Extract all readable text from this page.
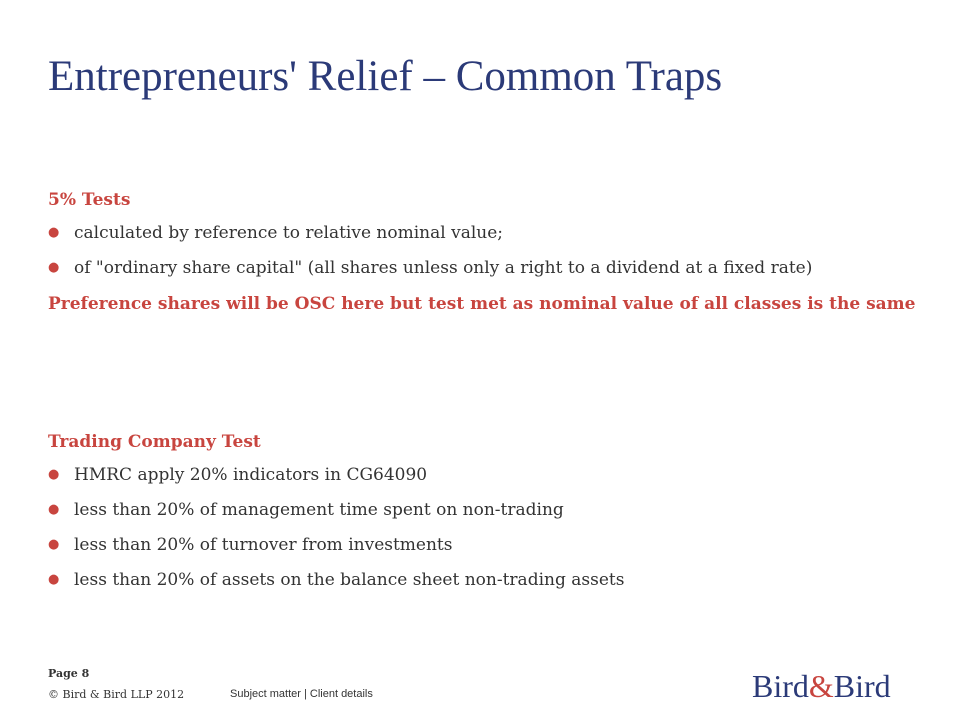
Entrepreneurs' Relief – Common Traps
5% Tests
● calculated by reference to relative nominal value;
● of "ordinary share capital" (all shares unless only a right to a dividend at a fixed rate)
Preference shares will be OSC here but test met as nominal value of all classes is the same
Trading Company Test
● HMRC apply 20% indicators in CG64090
● less than 20% of management time spent on non-trading
● less than 20% of turnover from investments
● less than 20% of assets on the balance sheet non-trading assets
Page 8
© Bird & Bird LLP 2012	Subject matter | Client details	Bird&Bird
